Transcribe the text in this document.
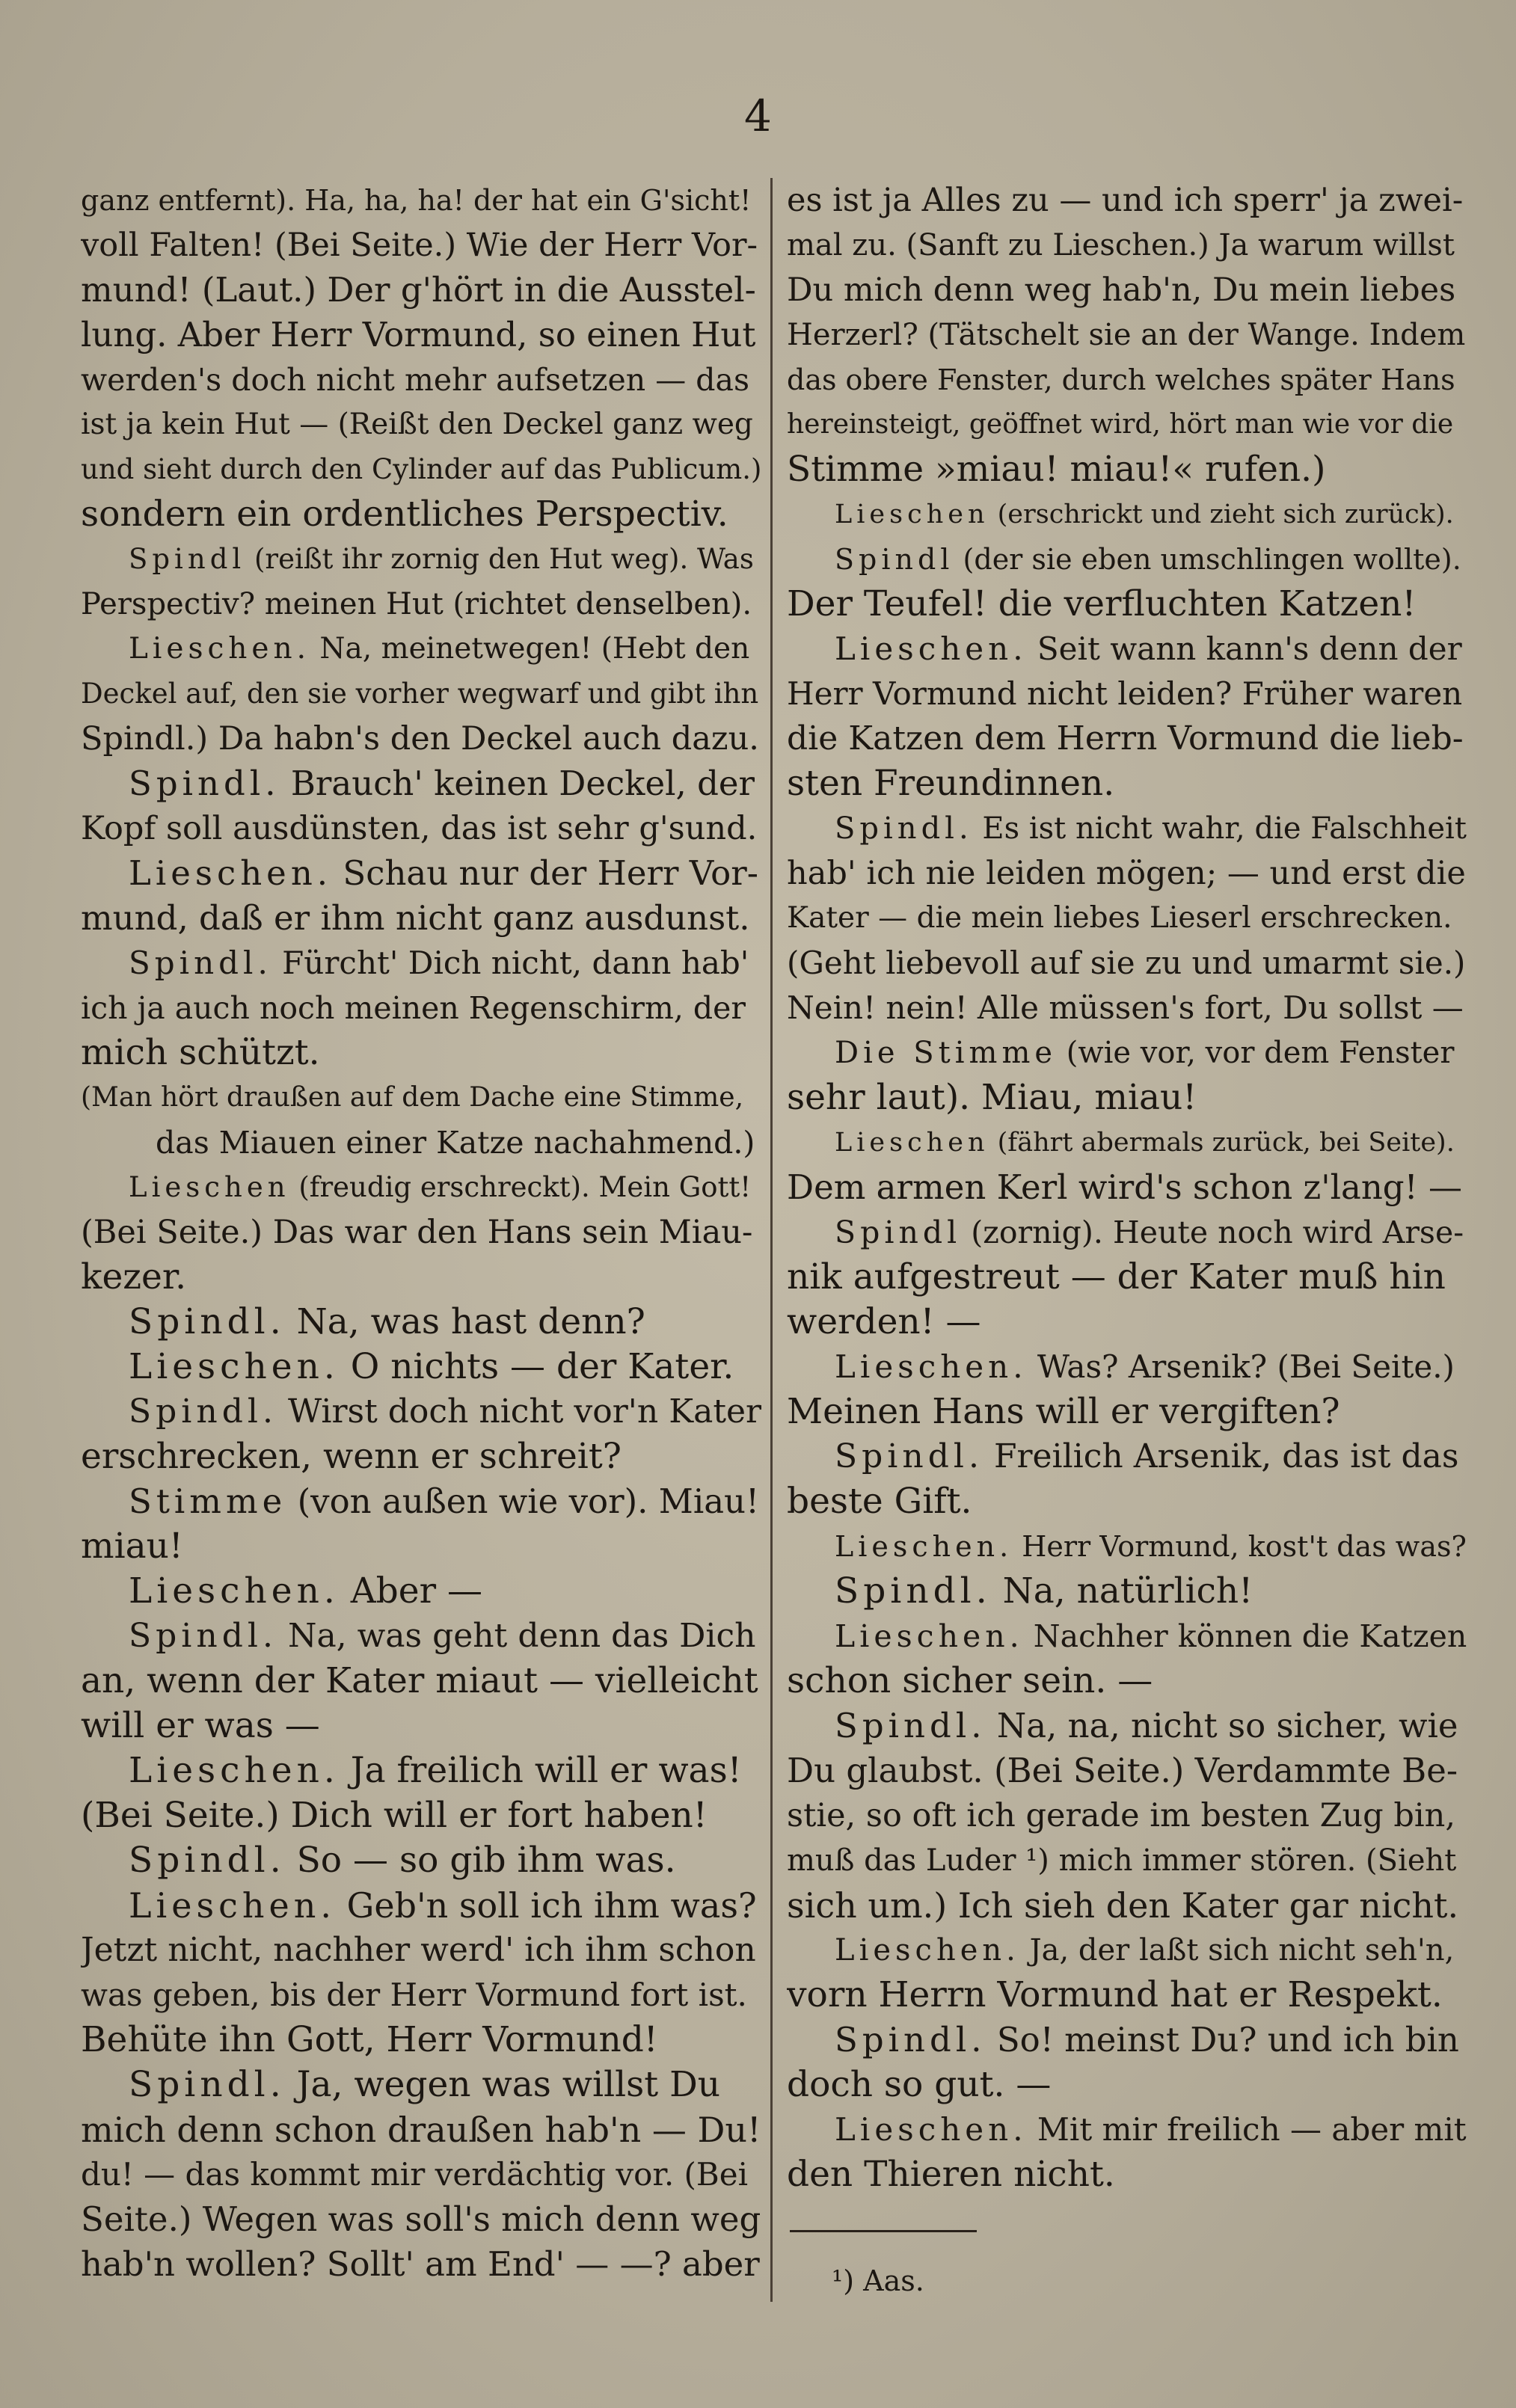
4
ganz entfernt). Ha, ha, ha! der hat ein G'sicht!
voll Falten! (Bei Seite.) Wie der Herr Vor-
mund! (Laut.) Der g'hört in die Ausstel-
lung. Aber Herr Vormund, so einen Hut
werden's doch nicht mehr aufsetzen — das
ist ja kein Hut — (Reißt den Deckel ganz weg
und sieht durch den Cylinder auf das Publicum.)
sondern ein ordentliches Perspectiv.
Spindl (reißt ihr zornig den Hut weg). Was
Perspectiv? meinen Hut (richtet denselben).
Lieschen. Na, meinetwegen! (Hebt den
Deckel auf, den sie vorher wegwarf und gibt ihn
Spindl.) Da habn's den Deckel auch dazu.
Spindl. Brauch' keinen Deckel, der
Kopf soll ausdünsten, das ist sehr g'sund.
Lieschen. Schau nur der Herr Vor-
mund, daß er ihm nicht ganz ausdunst.
Spindl. Fürcht' Dich nicht, dann hab'
ich ja auch noch meinen Regenschirm, der
mich schützt.
(Man hört draußen auf dem Dache eine Stimme,
das Miauen einer Katze nachahmend.)
Lieschen (freudig erschreckt). Mein Gott!
(Bei Seite.) Das war den Hans sein Miau-
kezer.
Spindl. Na, was hast denn?
Lieschen. O nichts — der Kater.
Spindl. Wirst doch nicht vor'n Kater
erschrecken, wenn er schreit?
Stimme (von außen wie vor). Miau!
miau!
Lieschen. Aber —
Spindl. Na, was geht denn das Dich
an, wenn der Kater miaut — vielleicht
will er was —
Lieschen. Ja freilich will er was!
(Bei Seite.) Dich will er fort haben!
Spindl. So — so gib ihm was.
Lieschen. Geb'n soll ich ihm was?
Jetzt nicht, nachher werd' ich ihm schon
was geben, bis der Herr Vormund fort ist.
Behüte ihn Gott, Herr Vormund!
Spindl. Ja, wegen was willst Du
mich denn schon draußen hab'n — Du!
du! — das kommt mir verdächtig vor. (Bei
Seite.) Wegen was soll's mich denn weg
hab'n wollen? Sollt' am End' — —? aber
es ist ja Alles zu — und ich sperr' ja zwei-
mal zu. (Sanft zu Lieschen.) Ja warum willst
Du mich denn weg hab'n, Du mein liebes
Herzerl? (Tätschelt sie an der Wange. Indem
das obere Fenster, durch welches später Hans
hereinsteigt, geöffnet wird, hört man wie vor die
Stimme »miau! miau!« rufen.)
Lieschen (erschrickt und zieht sich zurück).
Spindl (der sie eben umschlingen wollte).
Der Teufel! die verfluchten Katzen!
Lieschen. Seit wann kann's denn der
Herr Vormund nicht leiden? Früher waren
die Katzen dem Herrn Vormund die lieb-
sten Freundinnen.
Spindl. Es ist nicht wahr, die Falschheit
hab' ich nie leiden mögen; — und erst die
Kater — die mein liebes Lieserl erschrecken.
(Geht liebevoll auf sie zu und umarmt sie.)
Nein! nein! Alle müssen's fort, Du sollst —
Die Stimme (wie vor, vor dem Fenster
sehr laut). Miau, miau!
Lieschen (fährt abermals zurück, bei Seite).
Dem armen Kerl wird's schon z'lang! —
Spindl (zornig). Heute noch wird Arse-
nik aufgestreut — der Kater muß hin
werden! —
Lieschen. Was? Arsenik? (Bei Seite.)
Meinen Hans will er vergiften?
Spindl. Freilich Arsenik, das ist das
beste Gift.
Lieschen. Herr Vormund, kost't das was?
Spindl. Na, natürlich!
Lieschen. Nachher können die Katzen
schon sicher sein. —
Spindl. Na, na, nicht so sicher, wie
Du glaubst. (Bei Seite.) Verdammte Be-
stie, so oft ich gerade im besten Zug bin,
muß das Luder ¹) mich immer stören. (Sieht
sich um.) Ich sieh den Kater gar nicht.
Lieschen. Ja, der laßt sich nicht seh'n,
vorn Herrn Vormund hat er Respekt.
Spindl. So! meinst Du? und ich bin
doch so gut. —
Lieschen. Mit mir freilich — aber mit
den Thieren nicht.
¹) Aas.
